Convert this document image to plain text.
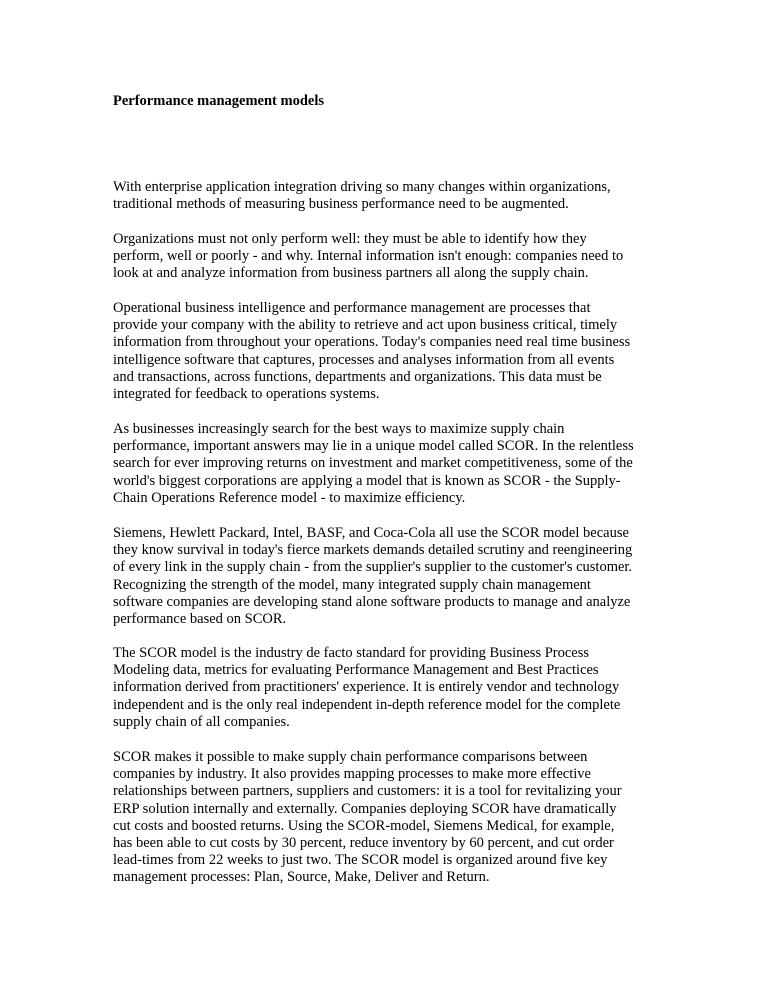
Performance management models

With enterprise application integration driving so many changes within organizations,
traditional methods of measuring business performance need to be augmented.

Organizations must not only perform well: they must be able to identify how they
perform, well or poorly - and why. Internal information isn't enough: companies need to
look at and analyze information from business partners all along the supply chain.

Operational business intelligence and performance management are processes that
provide your company with the ability to retrieve and act upon business critical, timely
information from throughout your operations. Today's companies need real time business
intelligence software that captures, processes and analyses information from all events
and transactions, across functions, departments and organizations. This data must be
integrated for feedback to operations systems.

As businesses increasingly search for the best ways to maximize supply chain
performance, important answers may lie in a unique model called SCOR. In the relentless
search for ever improving returns on investment and market competitiveness, some of the
world's biggest corporations are applying a model that is known as SCOR - the Supply-
Chain Operations Reference model - to maximize efficiency.

Siemens, Hewlett Packard, Intel, BASF, and Coca-Cola all use the SCOR model because
they know survival in today's fierce markets demands detailed scrutiny and reengineering
of every link in the supply chain - from the supplier's supplier to the customer's customer.
Recognizing the strength of the model, many integrated supply chain management
software companies are developing stand alone software products to manage and analyze
performance based on SCOR.

The SCOR model is the industry de facto standard for providing Business Process
Modeling data, metrics for evaluating Performance Management and Best Practices
information derived from practitioners' experience. It is entirely vendor and technology
independent and is the only real independent in-depth reference model for the complete
supply chain of all companies.

SCOR makes it possible to make supply chain performance comparisons between
companies by industry. It also provides mapping processes to make more effective
relationships between partners, suppliers and customers: it is a tool for revitalizing your
ERP solution internally and externally. Companies deploying SCOR have dramatically
cut costs and boosted returns. Using the SCOR-model, Siemens Medical, for example,
has been able to cut costs by 30 percent, reduce inventory by 60 percent, and cut order
lead-times from 22 weeks to just two. The SCOR model is organized around five key
management processes: Plan, Source, Make, Deliver and Return.
